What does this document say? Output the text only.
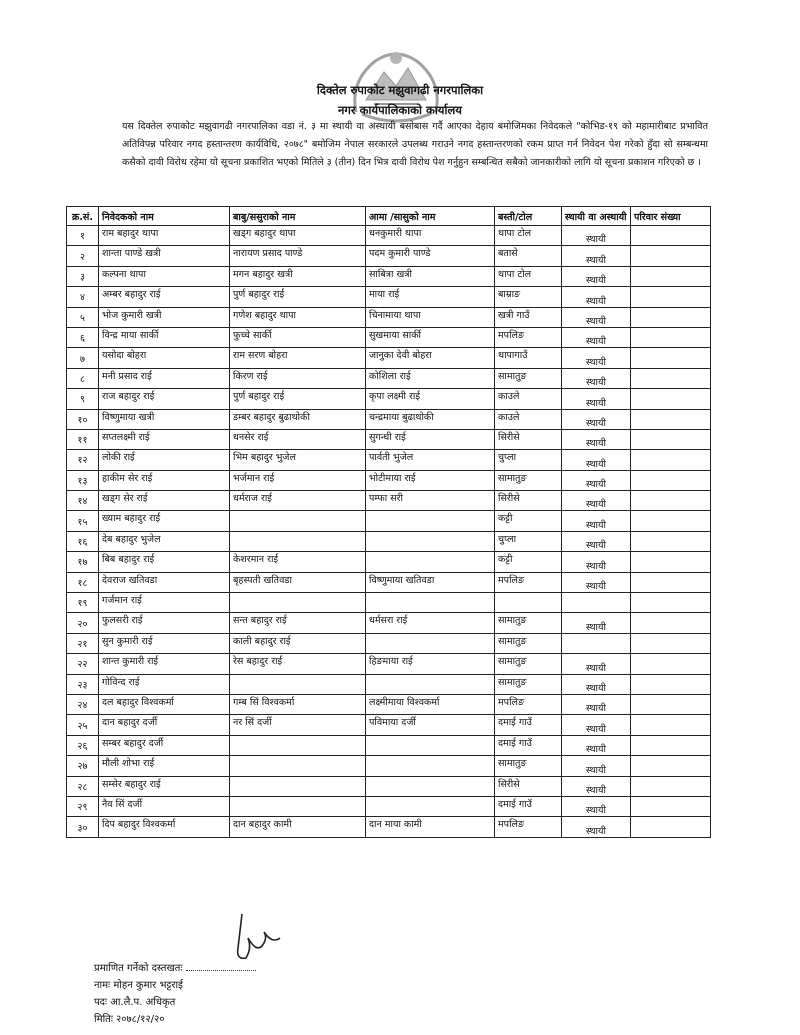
दिक्तेल रुपाकोट मझुवागढी नगरपालिका
नगर कार्यपालिकाको कार्यालय

यस दिक्तेल रुपाकोट मझुवागढी नगरपालिका वडा नं. ३ मा स्थायी वा अस्थायी बसोबास गर्दै आएका देहाय बमोजिमका निवेदकले "कोभिड-१९ को महामारीबाट प्रभावित अतिविपन्न परिवार नगद हस्तान्तरण कार्यविधि, २०७८" बमोजिम नेपाल सरकारले उपलब्ध गराउने नगद हस्तान्तरणको रकम प्राप्त गर्न निवेदन पेश गरेको हुँदा सो सम्बन्धमा कसैको दावी विरोध रहेमा यो सूचना प्रकाशित भएको मितिले ३ (तीन) दिन भित्र दावी विरोध पेश गर्नुहुन सम्बन्धित सबैको जानकारीको लागि यो सूचना प्रकाशन गरिएको छ ।

क्र.सं.	निवेदकको नाम	बाबु/ससुराको नाम	आमा /सासुको नाम	बस्ती/टोल	स्थायी वा अस्थायी	परिवार संख्या
१	राम बहादुर थापा	खड्ग बहादुर थापा	धनकुमारी थापा	थापा टोल	स्थायी	
२	शान्ता पाण्डे खत्री	नारायण प्रसाद पाण्डे	पदम कुमारी पाण्डे	बतासे	स्थायी	
३	कल्पना थापा	मगन बहादुर खत्री	साबित्रा खत्री	थापा टोल	स्थायी	
४	अम्बर बहादुर राई	पुर्ण बहादुर राई	माया राई	बाम्राङ	स्थायी	
५	भोज कुमारी खत्री	गणेश बहादुर थापा	चिनामाया थापा	खत्री गाउँ	स्थायी	
६	विन्द्र माया सार्की	फुच्चे सार्की	सुखमाया सार्की	मपलिङ	स्थायी	
७	यसोदा बोहरा	राम सरण बोहरा	जानुका देवी बोहरा	थापागाउँ	स्थायी	
८	मनी प्रसाद राई	किरण राई	कोशिला राई	सामातुङ	स्थायी	
९	राज बहादुर राई	पुर्ण बहादुर राई	कृपा लक्ष्मी राई	काउले	स्थायी	
१०	विष्णुमाया खत्री	डम्बर बहादुर बुढाथोकी	चन्द्रमाया बुढाथोकी	काउले	स्थायी	
११	सप्तलक्ष्मी राई	धनसेर राई	सुगन्धी राई	सिरीसे	स्थायी	
१२	लोकी राई	भिम बहादुर भुजेल	पार्वती भुजेल	चुप्ला	स्थायी	
१३	हाकीम सेर राई	भर्जमान राई	भोटीमाया राई	सामातुङ	स्थायी	
१४	खड्ग सेर राई	धर्मराज राई	पम्फा सरी	सिरीसे	स्थायी	
१५	ख्याम बहादुर राई			कट्टी	स्थायी	
१६	देब बहादुर भुजेल			चुप्ला	स्थायी	
१७	बिब बहादुर राई	केशरमान राई		कट्टी	स्थायी	
१८	देवराज खतिवडा	बृहस्पती खतिवडा	विष्णुमाया खतिवडा	मपलिङ	स्थायी	
१९	गर्जमान राई					
२०	फुलसरी राई	सन्त बहादुर राई	धर्मसरा राई	सामातुङ	स्थायी	
२१	सुन कुमारी राई	काली बहादुर राई		सामातुङ		
२२	शान्त कुमारी राई	रेस बहादुर राई	हिङमाया राई	सामातुङ	स्थायी	
२३	गोविन्द राई			सामातुङ	स्थायी	
२४	दल बहादुर विश्वकर्मा	गम्ब सिं विश्वकर्मा	लक्ष्मीमाया विश्वकर्मा	मपलिङ	स्थायी	
२५	दान बहादुर दर्जी	नर सिं दर्जी	पविमाया दर्जी	दमाई गाउँ	स्थायी	
२६	सम्बर बहादुर दर्जी			दमाई गाउँ	स्थायी	
२७	मौली शोभा राई			सामातुङ	स्थायी	
२८	सम्सेर बहादुर राई			सिरीसे	स्थायी	
२९	नैव सिं दर्जी			दमाई गाउँ	स्थायी	
३०	दिप बहादुर विश्वकर्मा	दान बहादुर कामी	दान माया कामी	मपलिङ	स्थायी	
प्रमाणित गर्नेको दस्तखतः
नामः मोहन कुमार भट्टराई
पदः आ.लै.प. अधिकृत
मितिः २०७८/१२/२०
